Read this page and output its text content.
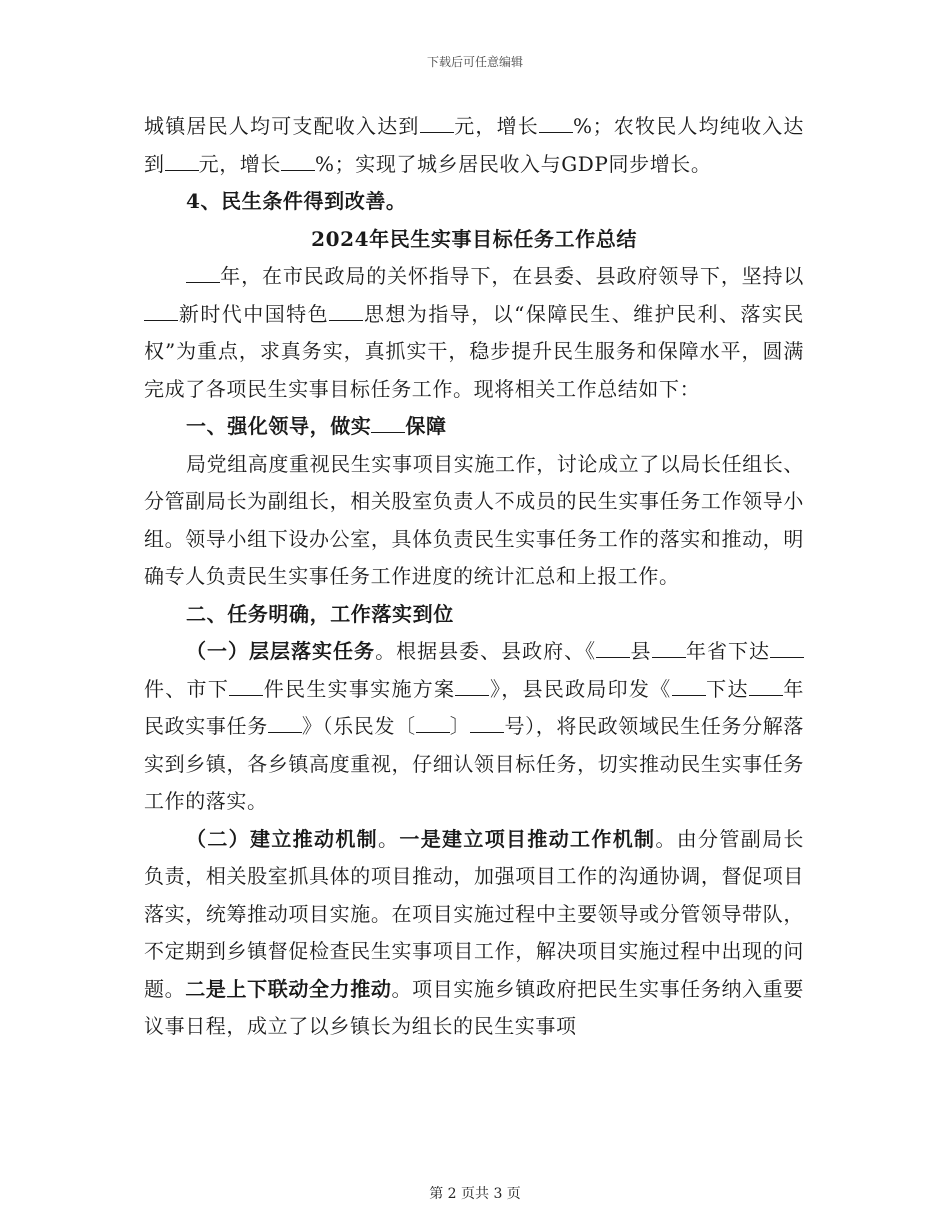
下载后可任意编辑

城镇居民人均可支配收入达到 元，增长 %；农牧民人均纯收入达到 元，增长 %；实现了城乡居民收入与GDP同步增长。

4、民生条件得到改善。

2024年民生实事目标任务工作总结

年，在市民政局的关怀指导下，在县委、县政府领导下，坚持以新时代中国特色 思想为指导，以“保障民生、维护民利、落实民权”为重点，求真务实，真抓实干，稳步提升民生服务和保障水平，圆满完成了各项民生实事目标任务工作。现将相关工作总结如下：

一、强化领导，做实 保障

局党组高度重视民生实事项目实施工作，讨论成立了以局长任组长、分管副局长为副组长，相关股室负责人不成员的民生实事任务工作领导小组。领导小组下设办公室，具体负责民生实事任务工作的落实和推动，明确专人负责民生实事任务工作进度的统计汇总和上报工作。

二、任务明确，工作落实到位

（一）层层落实任务。根据县委、县政府、《 县 年省下达件、市下 件民生实事实施方案 》，县民政局印发《 下达 年民政实事任务 》（乐民发〔 〕 号），将民政领域民生任务分解落实到乡镇，各乡镇高度重视，仔细认领目标任务，切实推动民生实事任务工作的落实。

（二）建立推动机制。一是建立项目推动工作机制。由分管副局长负责，相关股室抓具体的项目推动，加强项目工作的沟通协调，督促项目落实，统筹推动项目实施。在项目实施过程中主要领导或分管领导带队，不定期到乡镇督促检查民生实事项目工作，解决项目实施过程中出现的问题。二是上下联动全力推动。项目实施乡镇政府把民生实事任务纳入重要议事日程，成立了以乡镇长为组长的民生实事项

第 2 页共 3 页
